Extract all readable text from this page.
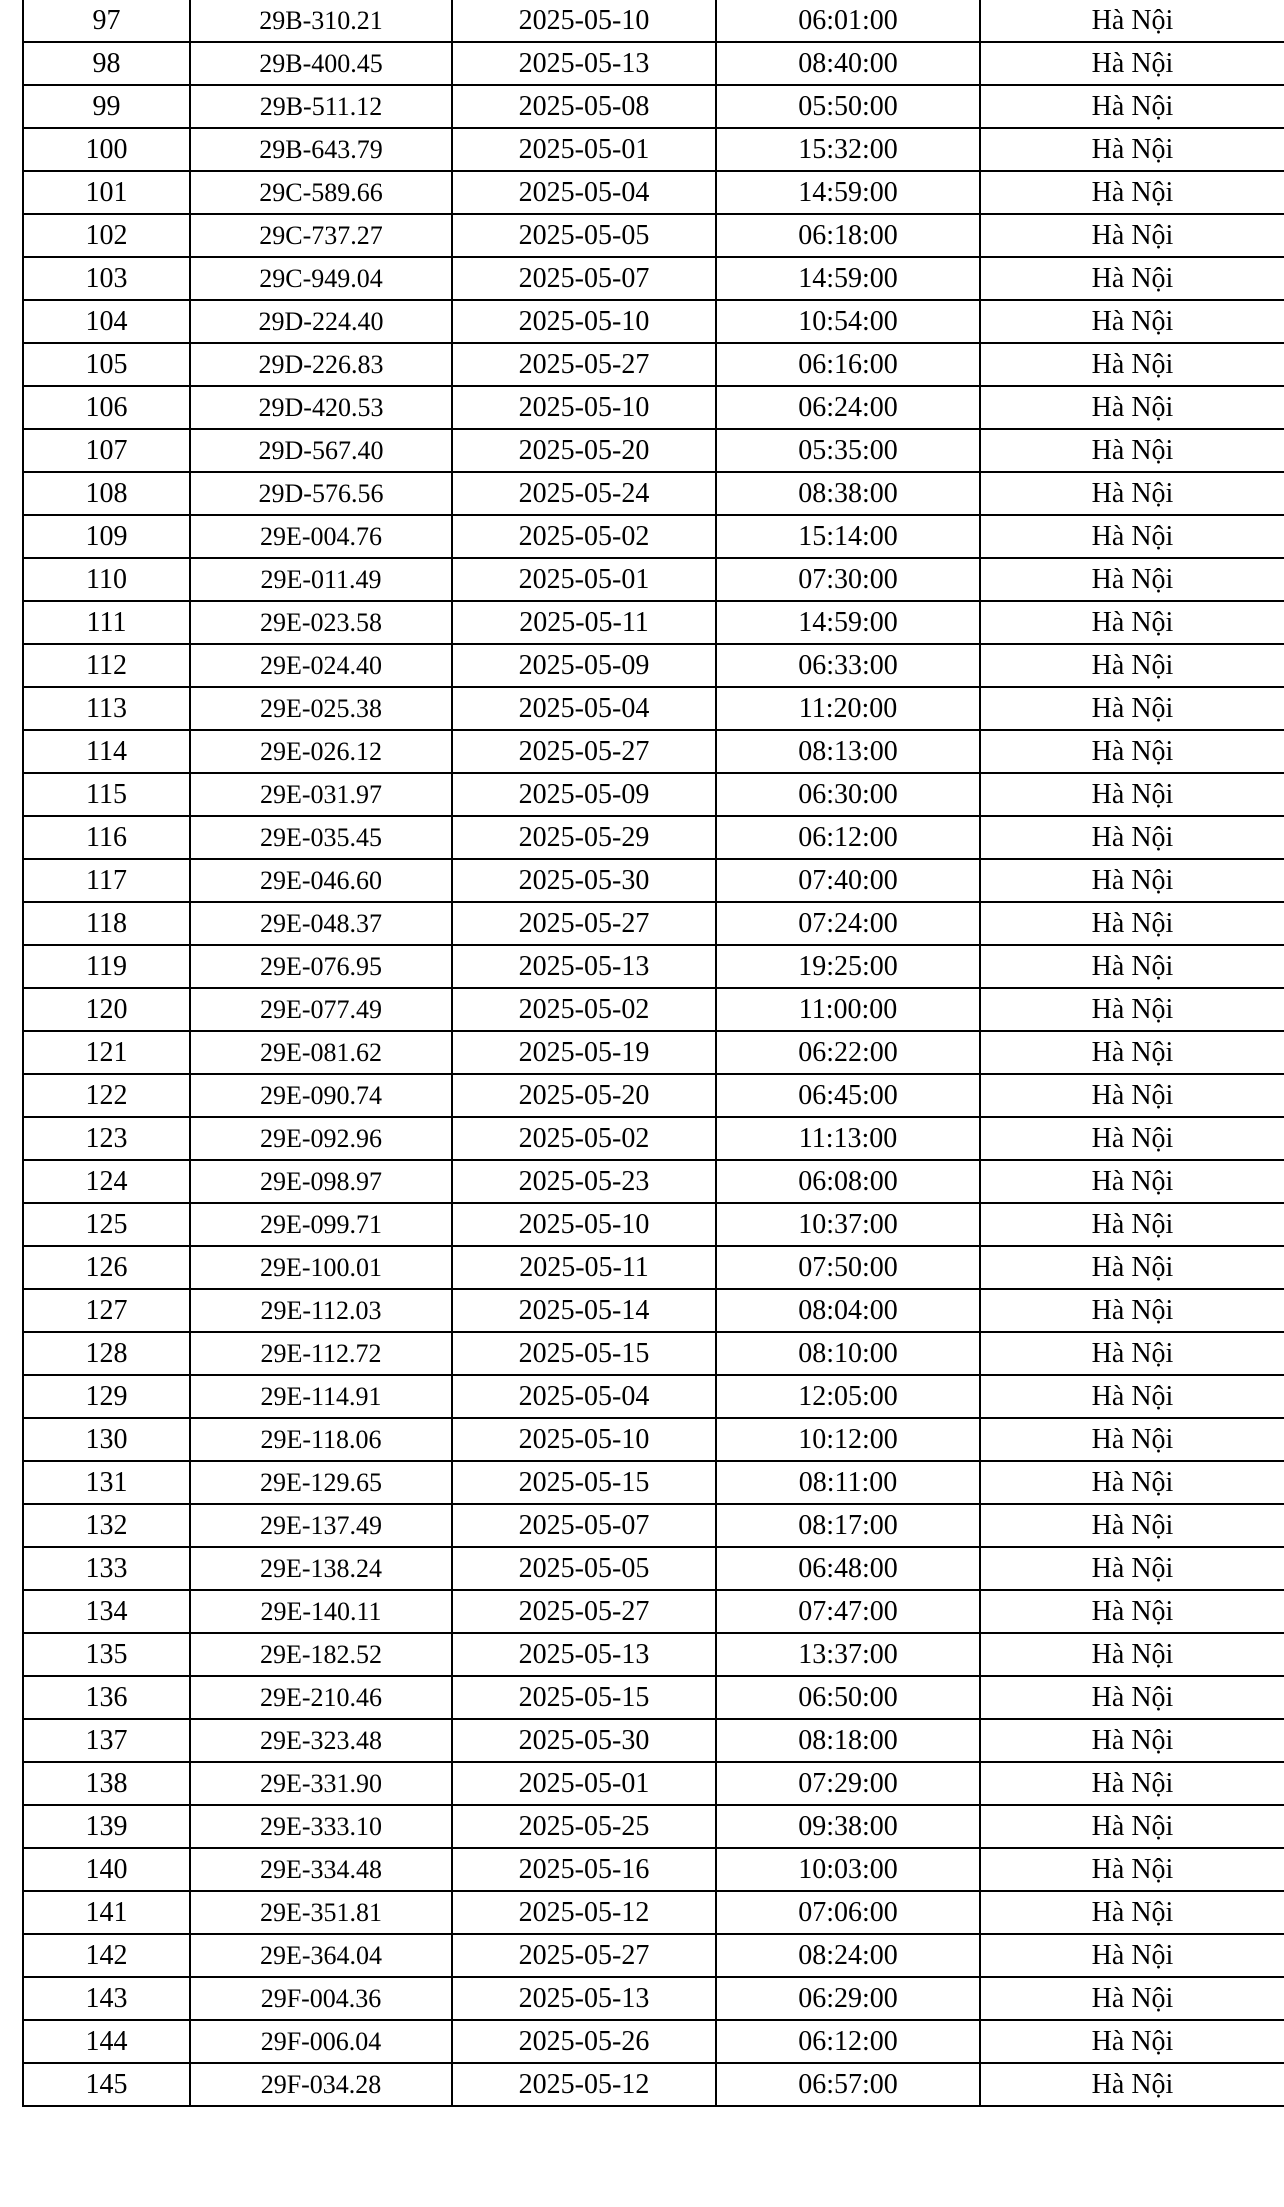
97	29B-310.21	2025-05-10	06:01:00	Hà Nội
98	29B-400.45	2025-05-13	08:40:00	Hà Nội
99	29B-511.12	2025-05-08	05:50:00	Hà Nội
100	29B-643.79	2025-05-01	15:32:00	Hà Nội
101	29C-589.66	2025-05-04	14:59:00	Hà Nội
102	29C-737.27	2025-05-05	06:18:00	Hà Nội
103	29C-949.04	2025-05-07	14:59:00	Hà Nội
104	29D-224.40	2025-05-10	10:54:00	Hà Nội
105	29D-226.83	2025-05-27	06:16:00	Hà Nội
106	29D-420.53	2025-05-10	06:24:00	Hà Nội
107	29D-567.40	2025-05-20	05:35:00	Hà Nội
108	29D-576.56	2025-05-24	08:38:00	Hà Nội
109	29E-004.76	2025-05-02	15:14:00	Hà Nội
110	29E-011.49	2025-05-01	07:30:00	Hà Nội
111	29E-023.58	2025-05-11	14:59:00	Hà Nội
112	29E-024.40	2025-05-09	06:33:00	Hà Nội
113	29E-025.38	2025-05-04	11:20:00	Hà Nội
114	29E-026.12	2025-05-27	08:13:00	Hà Nội
115	29E-031.97	2025-05-09	06:30:00	Hà Nội
116	29E-035.45	2025-05-29	06:12:00	Hà Nội
117	29E-046.60	2025-05-30	07:40:00	Hà Nội
118	29E-048.37	2025-05-27	07:24:00	Hà Nội
119	29E-076.95	2025-05-13	19:25:00	Hà Nội
120	29E-077.49	2025-05-02	11:00:00	Hà Nội
121	29E-081.62	2025-05-19	06:22:00	Hà Nội
122	29E-090.74	2025-05-20	06:45:00	Hà Nội
123	29E-092.96	2025-05-02	11:13:00	Hà Nội
124	29E-098.97	2025-05-23	06:08:00	Hà Nội
125	29E-099.71	2025-05-10	10:37:00	Hà Nội
126	29E-100.01	2025-05-11	07:50:00	Hà Nội
127	29E-112.03	2025-05-14	08:04:00	Hà Nội
128	29E-112.72	2025-05-15	08:10:00	Hà Nội
129	29E-114.91	2025-05-04	12:05:00	Hà Nội
130	29E-118.06	2025-05-10	10:12:00	Hà Nội
131	29E-129.65	2025-05-15	08:11:00	Hà Nội
132	29E-137.49	2025-05-07	08:17:00	Hà Nội
133	29E-138.24	2025-05-05	06:48:00	Hà Nội
134	29E-140.11	2025-05-27	07:47:00	Hà Nội
135	29E-182.52	2025-05-13	13:37:00	Hà Nội
136	29E-210.46	2025-05-15	06:50:00	Hà Nội
137	29E-323.48	2025-05-30	08:18:00	Hà Nội
138	29E-331.90	2025-05-01	07:29:00	Hà Nội
139	29E-333.10	2025-05-25	09:38:00	Hà Nội
140	29E-334.48	2025-05-16	10:03:00	Hà Nội
141	29E-351.81	2025-05-12	07:06:00	Hà Nội
142	29E-364.04	2025-05-27	08:24:00	Hà Nội
143	29F-004.36	2025-05-13	06:29:00	Hà Nội
144	29F-006.04	2025-05-26	06:12:00	Hà Nội
145	29F-034.28	2025-05-12	06:57:00	Hà Nội
